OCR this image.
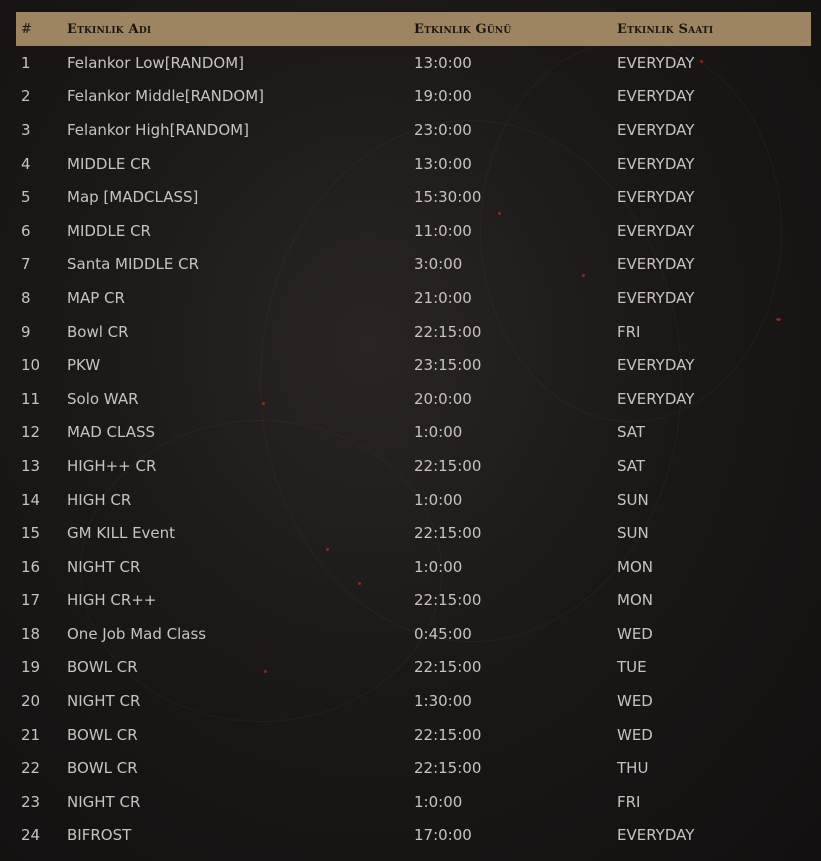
#	Etkinlik Adı	Etkinlik Günü	Etkinlik Saati
1	Felankor Low[RANDOM]	13:0:00	EVERYDAY
2	Felankor Middle[RANDOM]	19:0:00	EVERYDAY
3	Felankor High[RANDOM]	23:0:00	EVERYDAY
4	MIDDLE CR	13:0:00	EVERYDAY
5	Map [MADCLASS]	15:30:00	EVERYDAY
6	MIDDLE CR	11:0:00	EVERYDAY
7	Santa MIDDLE CR	3:0:00	EVERYDAY
8	MAP CR	21:0:00	EVERYDAY
9	Bowl CR	22:15:00	FRI
10	PKW	23:15:00	EVERYDAY
11	Solo WAR	20:0:00	EVERYDAY
12	MAD CLASS	1:0:00	SAT
13	HIGH++ CR	22:15:00	SAT
14	HIGH CR	1:0:00	SUN
15	GM KILL Event	22:15:00	SUN
16	NIGHT CR	1:0:00	MON
17	HIGH CR++	22:15:00	MON
18	One Job Mad Class	0:45:00	WED
19	BOWL CR	22:15:00	TUE
20	NIGHT CR	1:30:00	WED
21	BOWL CR	22:15:00	WED
22	BOWL CR	22:15:00	THU
23	NIGHT CR	1:0:00	FRI
24	BIFROST	17:0:00	EVERYDAY
